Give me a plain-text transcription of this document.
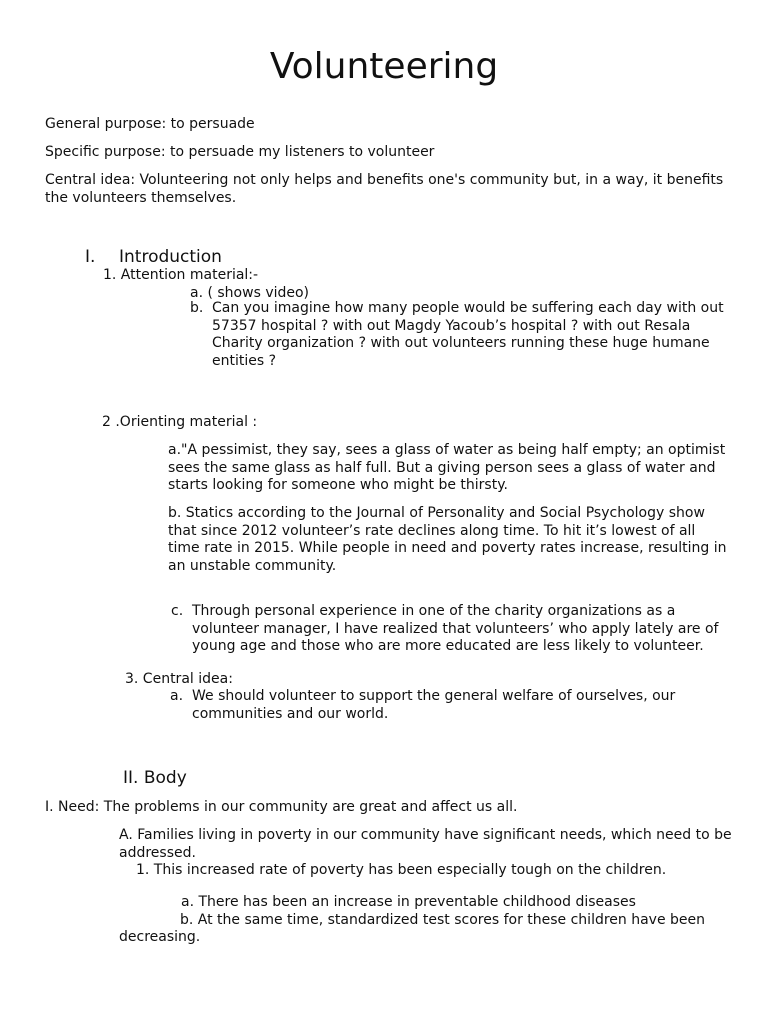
Volunteering

General purpose: to persuade

Specific purpose: to persuade my listeners to volunteer

Central idea: Volunteering not only helps and benefits one's community but, in a way, it benefits

the volunteers themselves.

I. Introduction

1. Attention material:-

a. ( shows video)

b. Can you imagine how many people would be suffering each day with out

57357 hospital ? with out Magdy Yacoub’s hospital ? with out Resala

Charity organization ? with out volunteers running these huge humane

entities ?

2 .Orienting material :

a."A pessimist, they say, sees a glass of water as being half empty; an optimist

sees the same glass as half full. But a giving person sees a glass of water and

starts looking for someone who might be thirsty.

b. Statics according to the Journal of Personality and Social Psychology show

that since 2012 volunteer’s rate declines along time. To hit it’s lowest of all

time rate in 2015. While people in need and poverty rates increase, resulting in

an unstable community.

c. Through personal experience in one of the charity organizations as a

volunteer manager, I have realized that volunteers’ who apply lately are of

young age and those who are more educated are less likely to volunteer.

3. Central idea:

a. We should volunteer to support the general welfare of ourselves, our

communities and our world.

II. Body

I. Need: The problems in our community are great and affect us all.

A. Families living in poverty in our community have significant needs, which need to be

addressed.

1. This increased rate of poverty has been especially tough on the children.

a. There has been an increase in preventable childhood diseases

b. At the same time, standardized test scores for these children have been

decreasing.
